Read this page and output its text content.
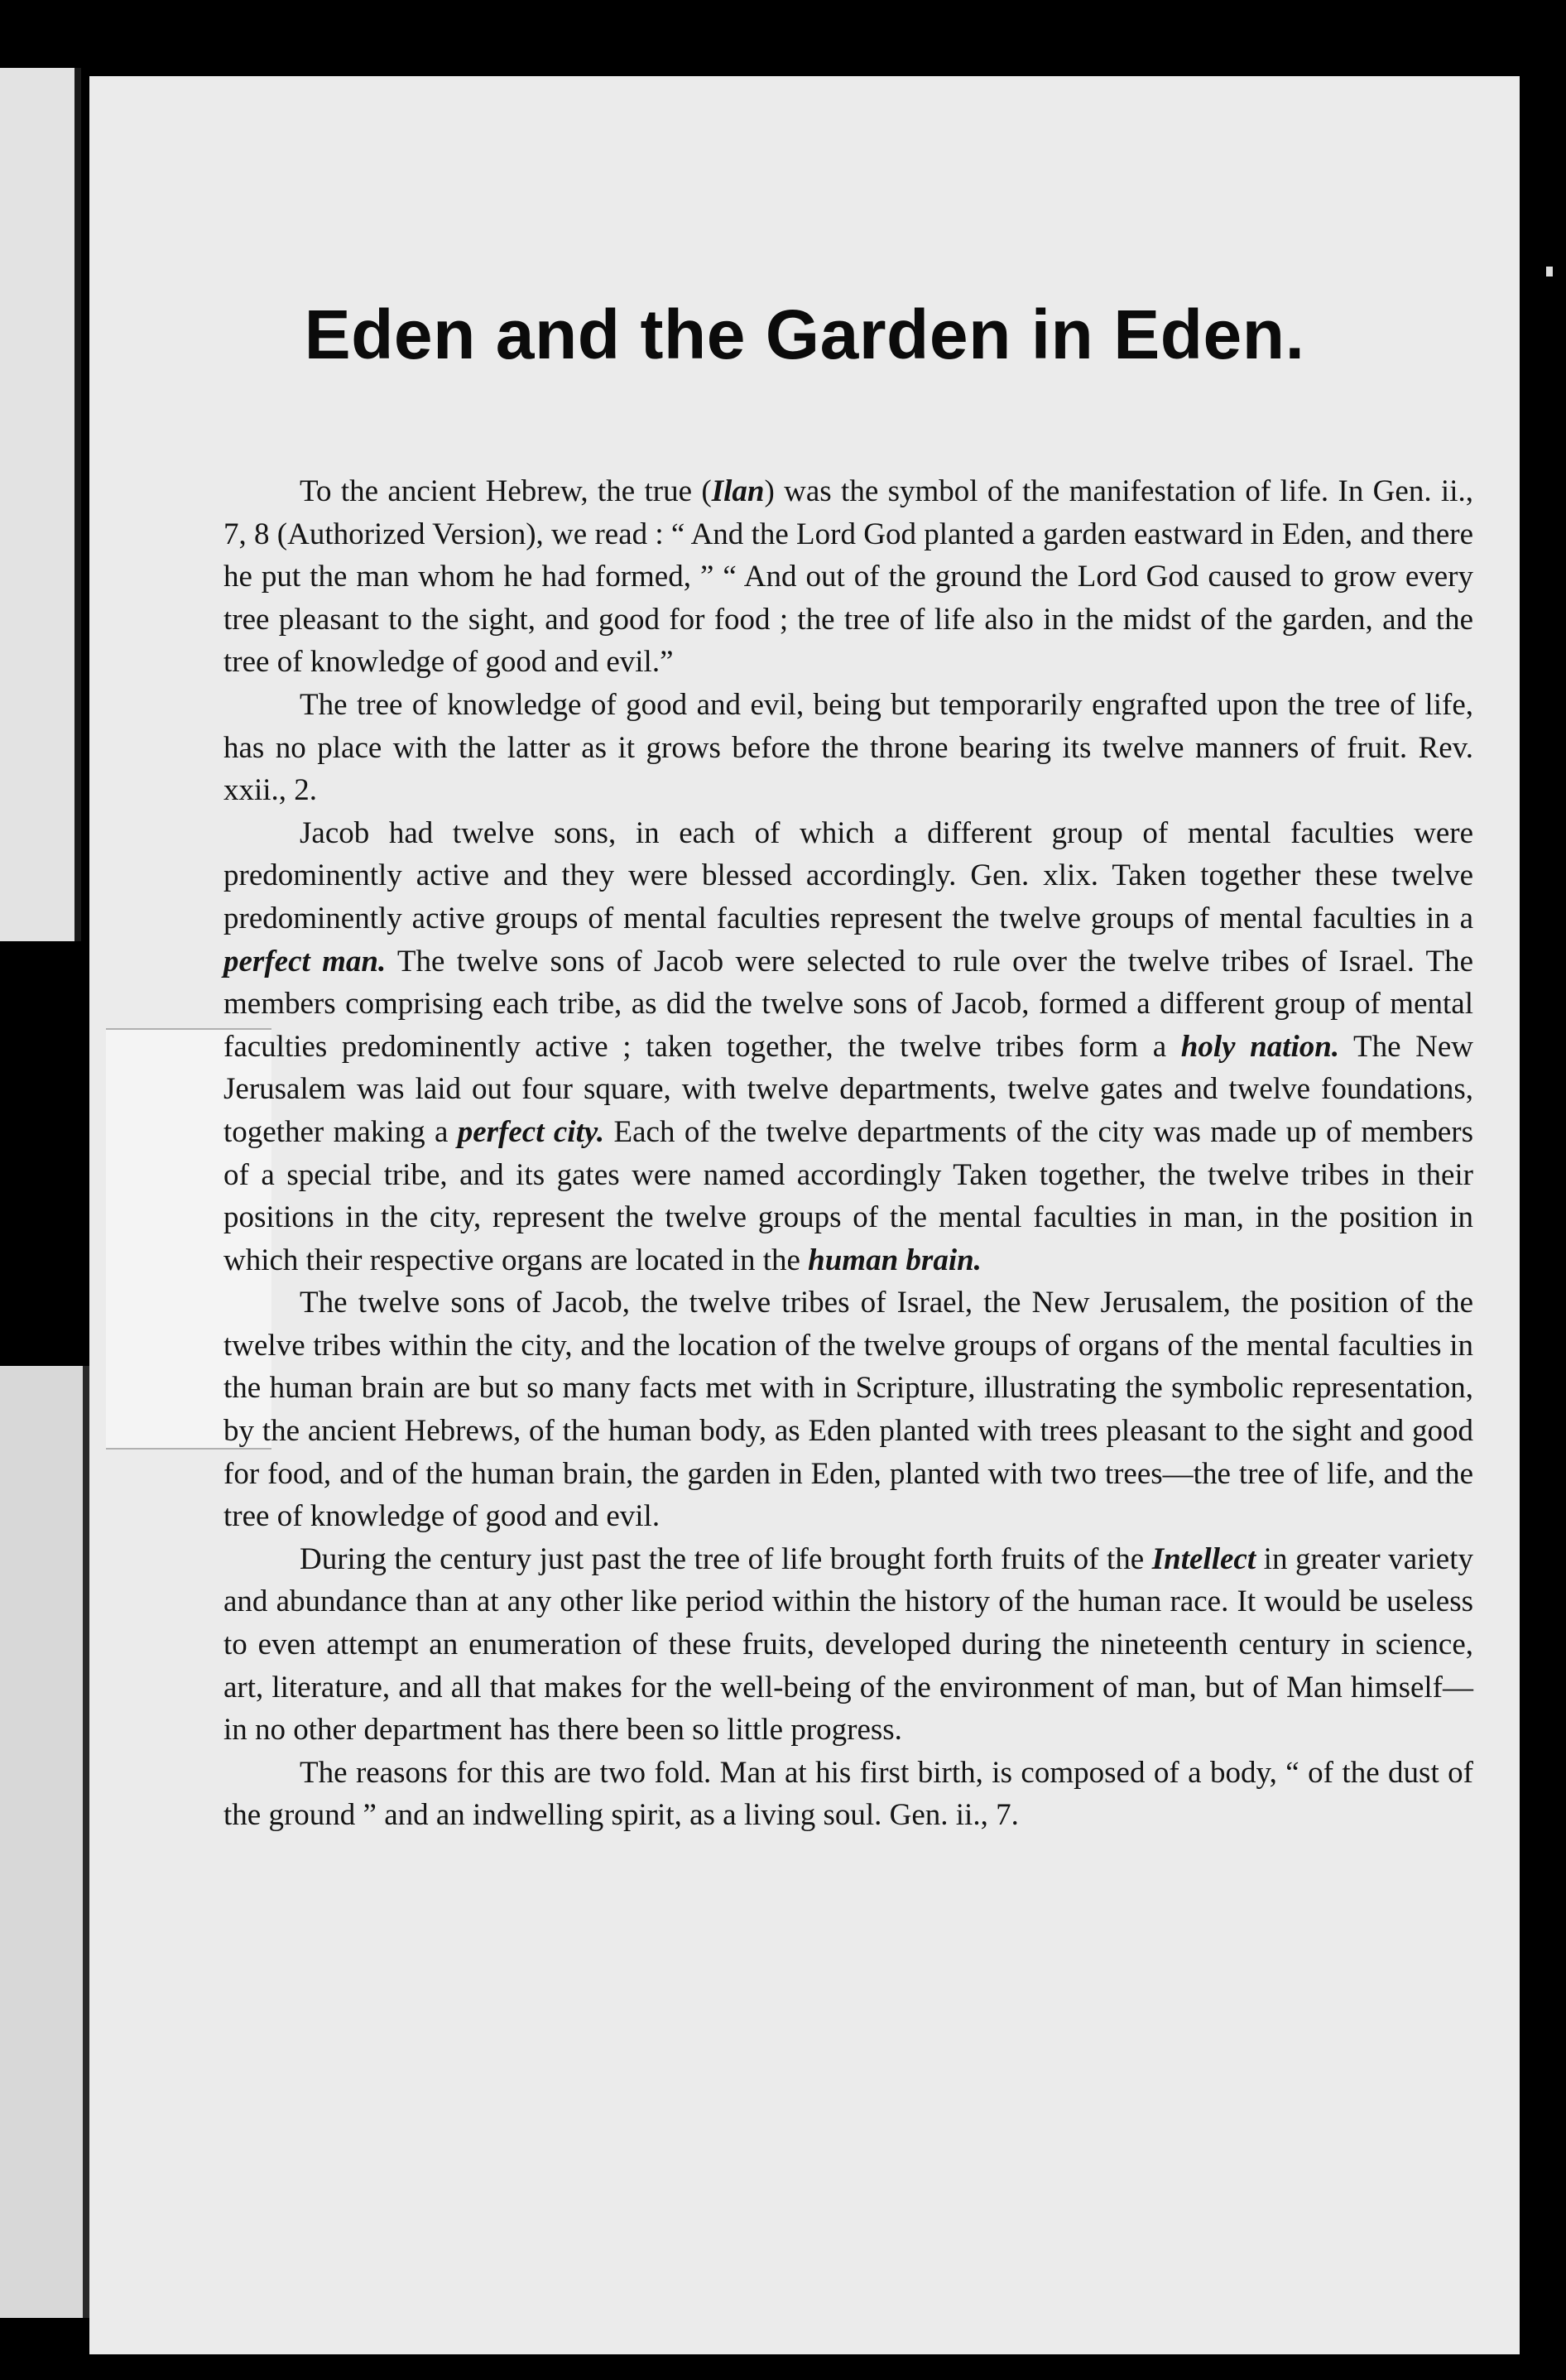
Eden and the Garden in Eden.

To the ancient Hebrew, the true (Ilan) was the symbol of the manifestation of life. In Gen. ii., 7, 8 (Authorized Version), we read : “ And the Lord God planted a garden eastward in Eden, and there he put the man whom he had formed, ” “ And out of the ground the Lord God caused to grow every tree pleasant to the sight, and good for food ; the tree of life also in the midst of the garden, and the tree of knowledge of good and evil.”

The tree of knowledge of good and evil, being but temporarily engrafted upon the tree of life, has no place with the latter as it grows before the throne bearing its twelve manners of fruit. Rev. xxii., 2.

Jacob had twelve sons, in each of which a different group of mental faculties were predominently active and they were blessed accordingly. Gen. xlix. Taken together these twelve predominently active groups of mental faculties represent the twelve groups of mental faculties in a perfect man. The twelve sons of Jacob were selected to rule over the twelve tribes of Israel. The members comprising each tribe, as did the twelve sons of Jacob, formed a different group of mental faculties predominently active ; taken together, the twelve tribes form a holy nation. The New Jerusalem was laid out four square, with twelve departments, twelve gates and twelve foundations, together making a perfect city. Each of the twelve departments of the city was made up of members of a special tribe, and its gates were named accordingly Taken together, the twelve tribes in their positions in the city, represent the twelve groups of the mental faculties in man, in the position in which their respective organs are located in the human brain.

The twelve sons of Jacob, the twelve tribes of Israel, the New Jerusalem, the position of the twelve tribes within the city, and the location of the twelve groups of organs of the mental faculties in the human brain are but so many facts met with in Scripture, illustrating the symbolic representation, by the ancient Hebrews, of the human body, as Eden planted with trees pleasant to the sight and good for food, and of the human brain, the garden in Eden, planted with two trees—the tree of life, and the tree of knowledge of good and evil.

During the century just past the tree of life brought forth fruits of the Intellect in greater variety and abundance than at any other like period within the history of the human race. It would be useless to even attempt an enumeration of these fruits, developed during the nineteenth century in science, art, literature, and all that makes for the well-being of the environment of man, but of Man himself—in no other department has there been so little progress.

The reasons for this are two fold. Man at his first birth, is composed of a body, “ of the dust of the ground ” and an indwelling spirit, as a living soul. Gen. ii., 7.
